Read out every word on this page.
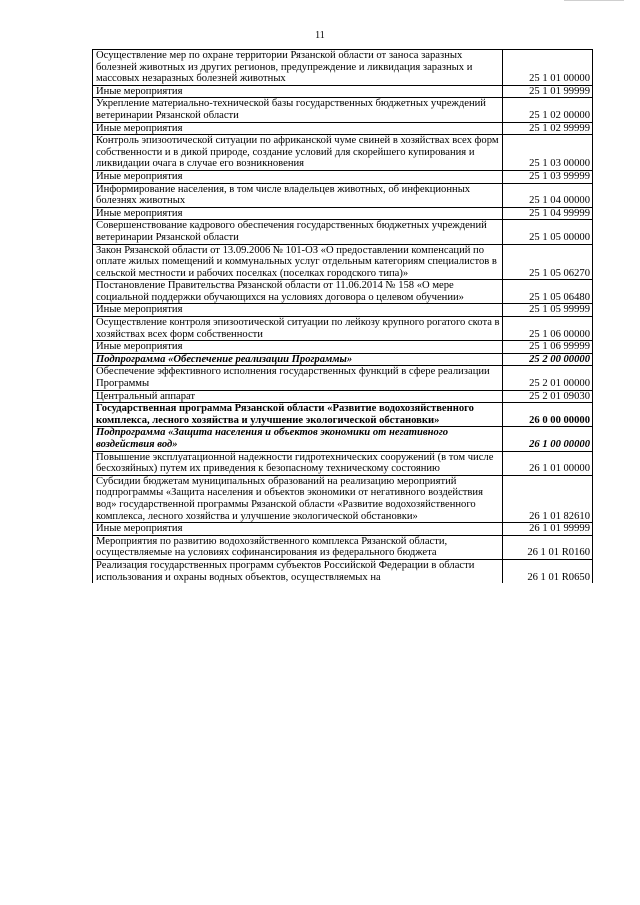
11
Осуществление мер по охране территории Рязанской области от заноса заразных болезней животных из других регионов, предупреждение и ликвидация заразных и массовых незаразных болезней животных	25 1 01 00000
Иные мероприятия	25 1 01 99999
Укрепление материально-технической базы государственных бюджетных учреждений ветеринарии Рязанской области	25 1 02 00000
Иные мероприятия	25 1 02 99999
Контроль эпизоотической ситуации по африканской чуме свиней в хозяйствах всех форм собственности и в дикой природе, создание условий для скорейшего купирования и ликвидации очага в случае его возникновения	25 1 03 00000
Иные мероприятия	25 1 03 99999
Информирование населения, в том числе владельцев животных, об инфекционных болезнях животных	25 1 04 00000
Иные мероприятия	25 1 04 99999
Совершенствование кадрового обеспечения государственных бюджетных учреждений ветеринарии Рязанской области	25 1 05 00000
Закон Рязанской области от 13.09.2006 № 101-ОЗ «О предоставлении компенсаций по оплате жилых помещений и коммунальных услуг отдельным категориям специалистов в сельской местности и рабочих поселках (поселках городского типа)»	25 1 05 06270
Постановление Правительства Рязанской области от 11.06.2014 № 158 «О мере социальной поддержки обучающихся на условиях договора о целевом обучении»	25 1 05 06480
Иные мероприятия	25 1 05 99999
Осуществление контроля эпизоотической ситуации по лейкозу крупного рогатого скота в хозяйствах всех форм собственности	25 1 06 00000
Иные мероприятия	25 1 06 99999
Подпрограмма «Обеспечение реализации Программы»	25 2 00 00000
Обеспечение эффективного исполнения государственных функций в сфере реализации Программы	25 2 01 00000
Центральный аппарат	25 2 01 09030
Государственная программа Рязанской области «Развитие водохозяйственного комплекса, лесного хозяйства и улучшение экологической обстановки»	26 0 00 00000
Подпрограмма «Защита населения и объектов экономики от негативного воздействия вод»	26 1 00 00000
Повышение эксплуатационной надежности гидротехнических сооружений (в том числе бесхозяйных) путем их приведения к безопасному техническому состоянию	26 1 01 00000
Субсидии бюджетам муниципальных образований на реализацию мероприятий подпрограммы «Защита населения и объектов экономики от негативного воздействия вод» государственной программы Рязанской области «Развитие водохозяйственного комплекса, лесного хозяйства и улучшение экологической обстановки»	26 1 01 82610
Иные мероприятия	26 1 01 99999
Мероприятия по развитию водохозяйственного комплекса Рязанской области, осуществляемые на условиях софинансирования из федерального бюджета	26 1 01 R0160
Реализация государственных программ субъектов Российской Федерации в области использования и охраны водных объектов, осуществляемых на	26 1 01 R0650
